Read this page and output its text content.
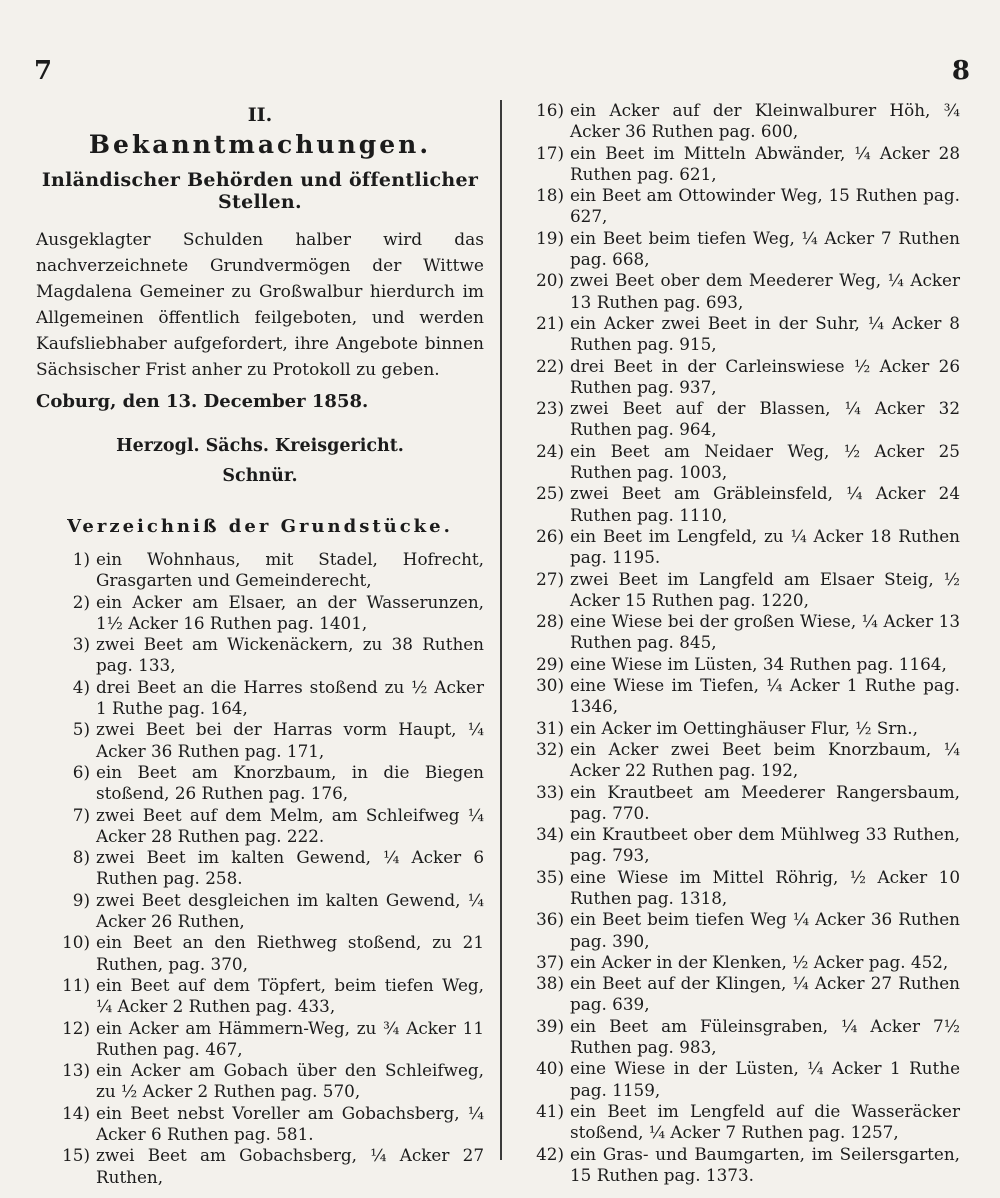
7	8
II.
Bekanntmachungen.
Inländischer Behörden und öffentlicher Stellen.

Ausgeklagter Schulden halber wird das nachverzeichnete Grundvermögen der Wittwe Magdalena Gemeiner zu Großwalbur hierdurch im Allgemeinen öffentlich feilgeboten, und werden Kaufsliebhaber aufgefordert, ihre Angebote binnen Sächsischer Frist anher zu Protokoll zu geben.

Coburg, den 13. December 1858.
Herzogl. Sächs. Kreisgericht.
Schnür.
Verzeichniß der Grundstücke.
1) ein Wohnhaus, mit Stadel, Hofrecht, Grasgarten und Gemeinderecht,
2) ein Acker am Elsaer, an der Wasserunzen, 1½ Acker 16 Ruthen pag. 1401,
3) zwei Beet am Wickenäckern, zu 38 Ruthen pag. 133,
4) drei Beet an die Harres stoßend zu ½ Acker 1 Ruthe pag. 164,
5) zwei Beet bei der Harras vorm Haupt, ¼ Acker 36 Ruthen pag. 171,
6) ein Beet am Knorzbaum, in die Biegen stoßend, 26 Ruthen pag. 176,
7) zwei Beet auf dem Melm, am Schleifweg ¼ Acker 28 Ruthen pag. 222.
8) zwei Beet im kalten Gewend, ¼ Acker 6 Ruthen pag. 258.
9) zwei Beet desgleichen im kalten Gewend, ¼ Acker 26 Ruthen,
10) ein Beet an den Riethweg stoßend, zu 21 Ruthen, pag. 370,
11) ein Beet auf dem Töpfert, beim tiefen Weg, ¼ Acker 2 Ruthen pag. 433,
12) ein Acker am Hämmern-Weg, zu ¾ Acker 11 Ruthen pag. 467,
13) ein Acker am Gobach über den Schleifweg, zu ½ Acker 2 Ruthen pag. 570,
14) ein Beet nebst Voreller am Gobachsberg, ¼ Acker 6 Ruthen pag. 581.
15) zwei Beet am Gobachsberg, ¼ Acker 27 Ruthen,
16) ein Acker auf der Kleinwalburer Höh, ¾ Acker 36 Ruthen pag. 600,
17) ein Beet im Mitteln Abwänder, ¼ Acker 28 Ruthen pag. 621,
18) ein Beet am Ottowinder Weg, 15 Ruthen pag. 627,
19) ein Beet beim tiefen Weg, ¼ Acker 7 Ruthen pag. 668,
20) zwei Beet ober dem Meederer Weg, ¼ Acker 13 Ruthen pag. 693,
21) ein Acker zwei Beet in der Suhr, ¼ Acker 8 Ruthen pag. 915,
22) drei Beet in der Carleinswiese ½ Acker 26 Ruthen pag. 937,
23) zwei Beet auf der Blassen, ¼ Acker 32 Ruthen pag. 964,
24) ein Beet am Neidaer Weg, ½ Acker 25 Ruthen pag. 1003,
25) zwei Beet am Gräbleinsfeld, ¼ Acker 24 Ruthen pag. 1110,
26) ein Beet im Lengfeld, zu ¼ Acker 18 Ruthen pag. 1195.
27) zwei Beet im Langfeld am Elsaer Steig, ½ Acker 15 Ruthen pag. 1220,
28) eine Wiese bei der großen Wiese, ¼ Acker 13 Ruthen pag. 845,
29) eine Wiese im Lüsten, 34 Ruthen pag. 1164,
30) eine Wiese im Tiefen, ¼ Acker 1 Ruthe pag. 1346,
31) ein Acker im Oettinghäuser Flur, ½ Srn.,
32) ein Acker zwei Beet beim Knorzbaum, ¼ Acker 22 Ruthen pag. 192,
33) ein Krautbeet am Meederer Rangersbaum, pag. 770.
34) ein Krautbeet ober dem Mühlweg 33 Ruthen, pag. 793,
35) eine Wiese im Mittel Röhrig, ½ Acker 10 Ruthen pag. 1318,
36) ein Beet beim tiefen Weg ¼ Acker 36 Ruthen pag. 390,
37) ein Acker in der Klenken, ½ Acker pag. 452,
38) ein Beet auf der Klingen, ¼ Acker 27 Ruthen pag. 639,
39) ein Beet am Füleinsgraben, ¼ Acker 7½ Ruthen pag. 983,
40) eine Wiese in der Lüsten, ¼ Acker 1 Ruthe pag. 1159,
41) ein Beet im Lengfeld auf die Wasseräcker stoßend, ¼ Acker 7 Ruthen pag. 1257,
42) ein Gras- und Baumgarten, im Seilersgarten, 15 Ruthen pag. 1373.
